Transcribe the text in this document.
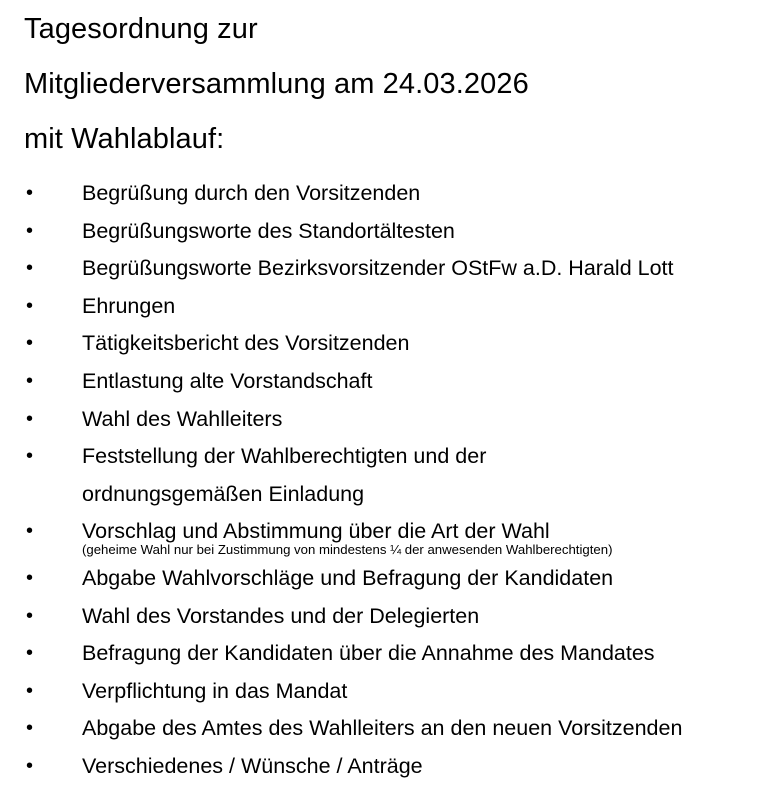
Tagesordnung zur
Mitgliederversammlung am 24.03.2026
mit Wahlablauf:
• Begrüßung durch den Vorsitzenden
• Begrüßungsworte des Standortältesten
• Begrüßungsworte Bezirksvorsitzender OStFw a.D. Harald Lott
• Ehrungen
• Tätigkeitsbericht des Vorsitzenden
• Entlastung alte Vorstandschaft
• Wahl des Wahlleiters
• Feststellung der Wahlberechtigten und der
ordnungsgemäßen Einladung
• Vorschlag und Abstimmung über die Art der Wahl
(geheime Wahl nur bei Zustimmung von mindestens ¼ der anwesenden Wahlberechtigten)
• Abgabe Wahlvorschläge und Befragung der Kandidaten
• Wahl des Vorstandes und der Delegierten
• Befragung der Kandidaten über die Annahme des Mandates
• Verpflichtung in das Mandat
• Abgabe des Amtes des Wahlleiters an den neuen Vorsitzenden
• Verschiedenes / Wünsche / Anträge
